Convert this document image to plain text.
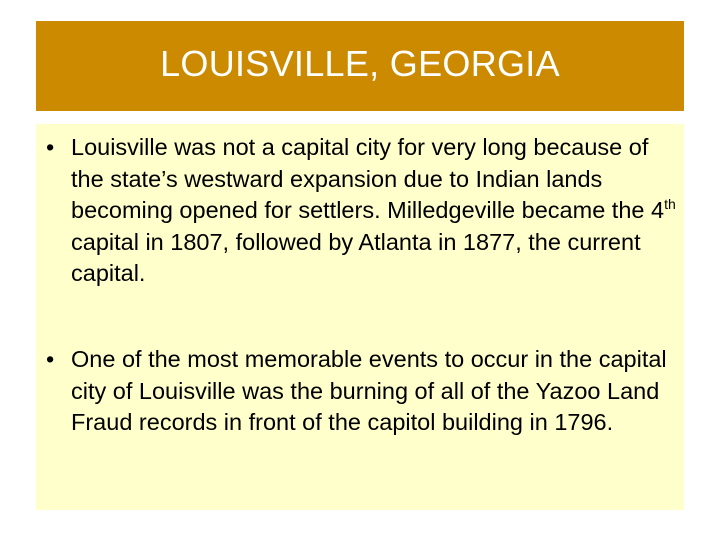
LOUISVILLE, GEORGIA
• Louisville was not a capital city for very long because of the state’s westward expansion due to Indian lands becoming opened for settlers. Milledgeville became the 4th capital in 1807, followed by Atlanta in 1877, the current capital.
• One of the most memorable events to occur in the capital city of Louisville was the burning of all of the Yazoo Land Fraud records in front of the capitol building in 1796.
